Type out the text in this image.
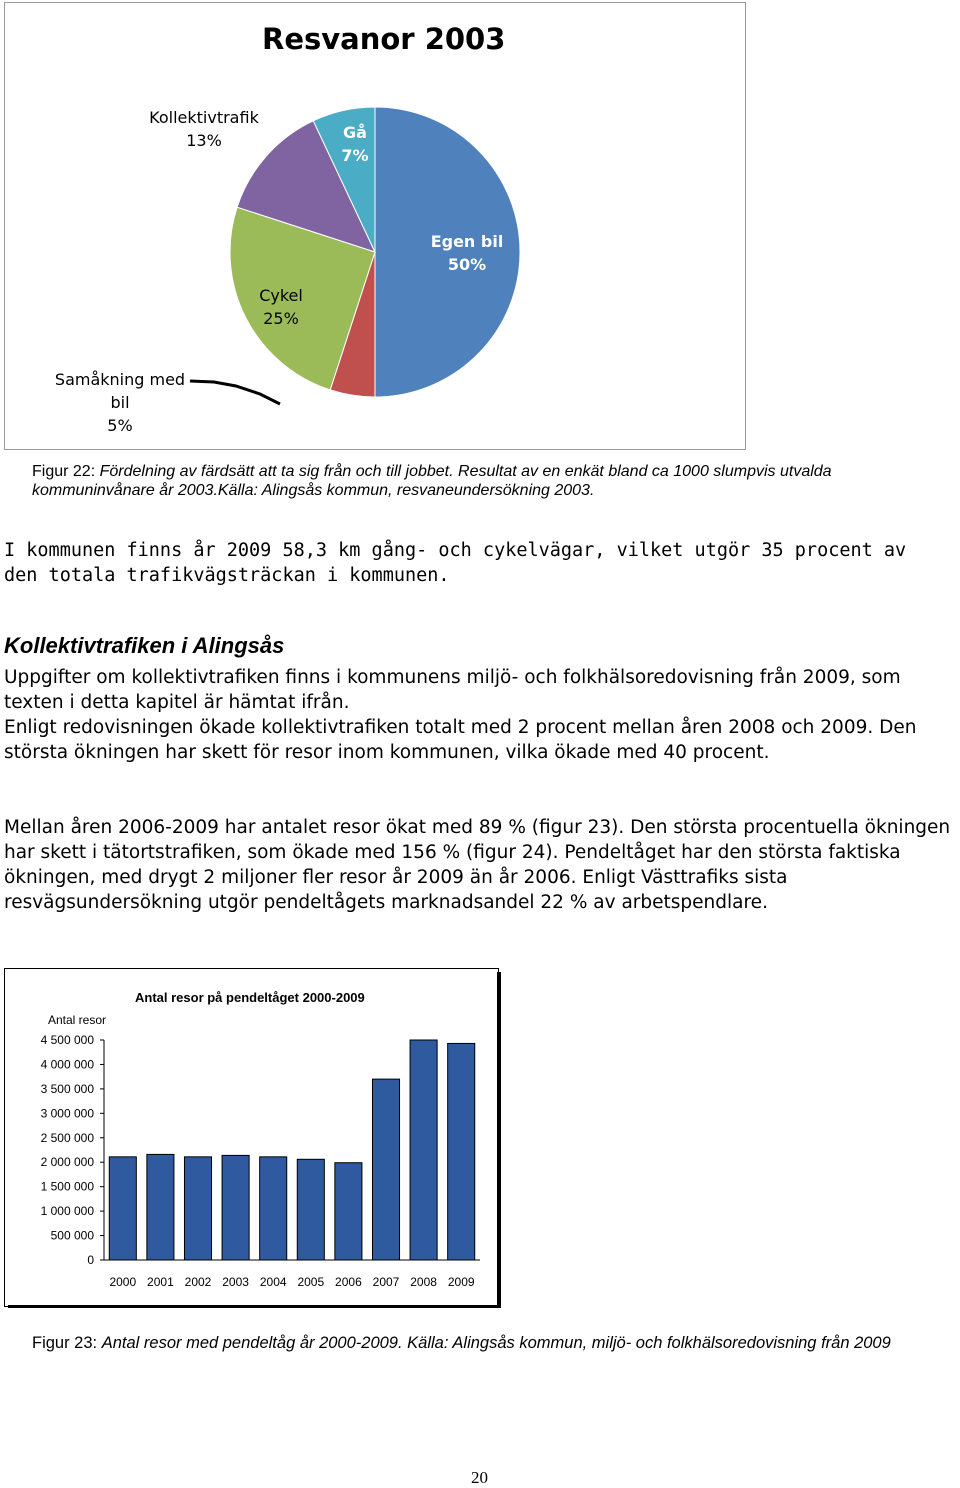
Resvanor 2003
Kollektivtrafik
13%	Gå
7%
Egen bil
50%
Cykel
25%
Samåkning med
bil
5%
Figur 22: Fördelning av färdsätt att ta sig från och till jobbet. Resultat av en enkät bland ca 1000 slumpvis utvalda kommuninvånare år 2003.Källa: Alingsås kommun, resvaneundersökning 2003.

I kommunen finns år 2009 58,3 km gång- och cykelvägar, vilket utgör 35 procent av den totala trafikvägsträckan i kommunen.

Kollektivtrafiken i Alingsås

Uppgifter om kollektivtrafiken finns i kommunens miljö- och folkhälsoredovisning från 2009, som texten i detta kapitel är hämtat ifrån.

Enligt redovisningen ökade kollektivtrafiken totalt med 2 procent mellan åren 2008 och 2009. Den största ökningen har skett för resor inom kommunen, vilka ökade med 40 procent.

Mellan åren 2006-2009 har antalet resor ökat med 89 % (figur 23). Den största procentuella ökningen har skett i tätortstrafiken, som ökade med 156 % (figur 24). Pendeltåget har den största faktiska ökningen, med drygt 2 miljoner fler resor år 2009 än år 2006. Enligt Västtrafiks sista resvägsundersökning utgör pendeltågets marknadsandel 22 % av arbetspendlare.

Antal resor på pendeltåget 2000-2009
Antal resor
0
500 000
1 000 000
1 500 000
2 000 000
2 500 000
3 000 000
3 500 000
4 000 000
4 500 000
2000 2001 2002 2003 2004 2005 2006 2007 2008 2009
Figur 23: Antal resor med pendeltåg år 2000-2009. Källa: Alingsås kommun, miljö- och folkhälsoredovisning från 2009
20
